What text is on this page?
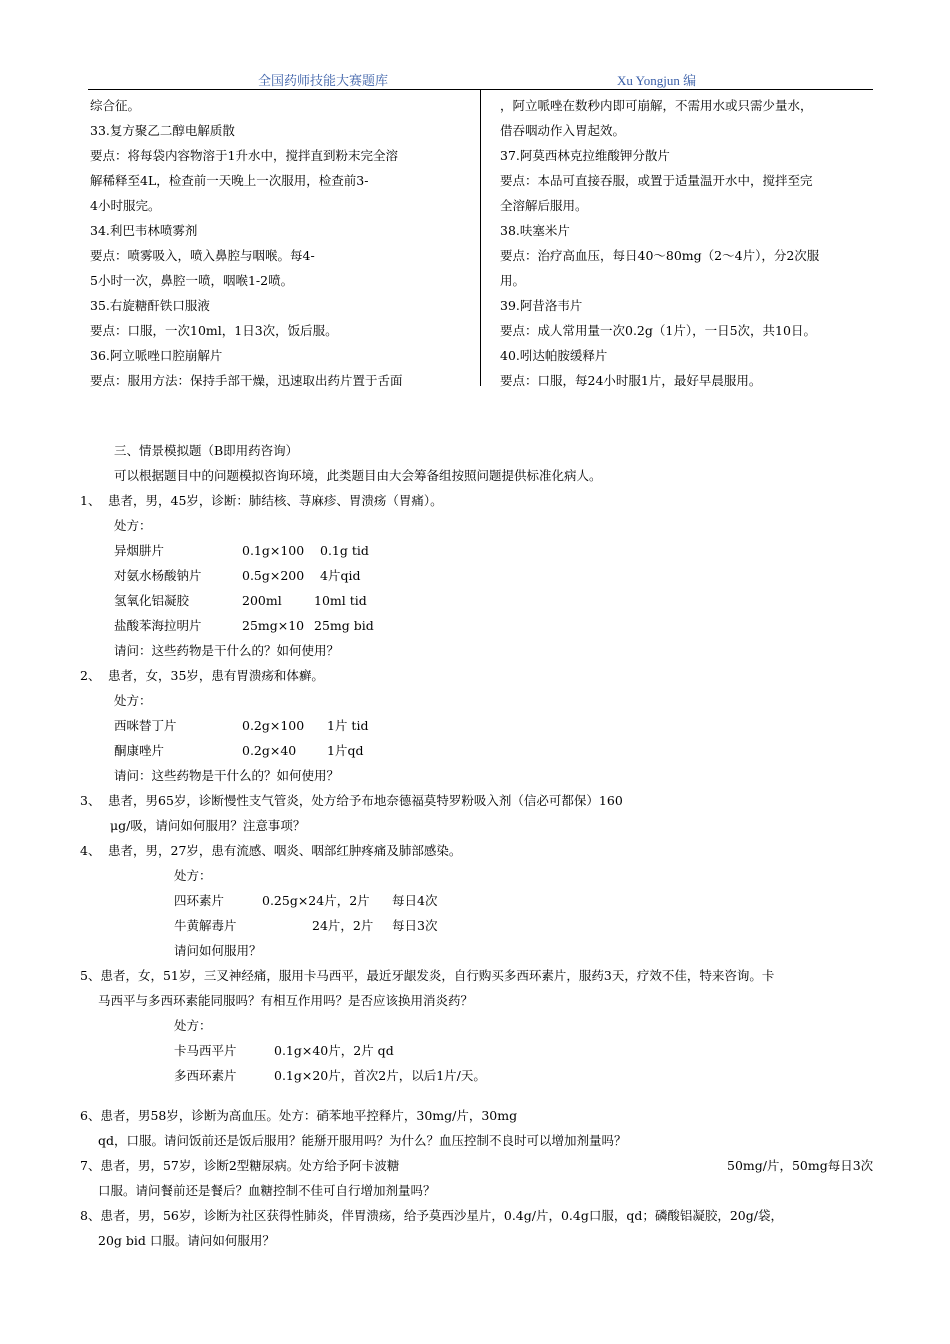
全国药师技能大赛题库	Xu Yongjun 编
综合征。
33.复方聚乙二醇电解质散
要点：将每袋内容物溶于1升水中，搅拌直到粉末完全溶
解稀释至4L，检查前一天晚上一次服用，检查前3-
4小时服完。
34.利巴韦林喷雾剂
要点：喷雾吸入，喷入鼻腔与咽喉。每4-
5小时一次，鼻腔一喷，咽喉1-2喷。
35.右旋糖酐铁口服液
要点：口服，一次10ml，1日3次，饭后服。
36.阿立哌唑口腔崩解片
要点：服用方法：保持手部干燥，迅速取出药片置于舌面
，阿立哌唑在数秒内即可崩解，不需用水或只需少量水，
借吞咽动作入胃起效。
37.阿莫西林克拉维酸钾分散片
要点：本品可直接吞服，或置于适量温开水中，搅拌至完
全溶解后服用。
38.呋塞米片
要点：治疗高血压，每日40～80mg（2～4片），分2次服
用。
39.阿昔洛韦片
要点：成人常用量一次0.2g（1片），一日5次，共10日。
40.吲达帕胺缓释片
要点：口服，每24小时服1片，最好早晨服用。
三、情景模拟题（B即用药咨询）
可以根据题目中的问题模拟咨询环境，此类题目由大会筹备组按照问题提供标准化病人。
1、 患者，男，45岁，诊断：肺结核、荨麻疹、胃溃疡（胃痛）。
处方：
异烟肼片	0.1g×100 0.1g tid
对氨水杨酸钠片	0.5g×200 4片qid
氢氧化铝凝胶	200ml	10ml tid
盐酸苯海拉明片	25mg×10 25mg bid
请问：这些药物是干什么的？如何使用？
2、 患者，女，35岁，患有胃溃疡和体癣。
处方：
西咪替丁片	0.2g×100 1片 tid
酮康唑片	0.2g×40 1片qd
请问：这些药物是干什么的？如何使用？
3、 患者，男65岁，诊断慢性支气管炎，处方给予布地奈德福莫特罗粉吸入剂（信必可都保）160
μg/吸，请问如何服用？注意事项？
4、 患者，男，27岁，患有流感、咽炎、咽部红肿疼痛及肺部感染。
处方：
四环素片	0.25g×24片，2片 每日4次
牛黄解毒片	24片，2片 每日3次
请问如何服用？
5、患者，女，51岁，三叉神经痛，服用卡马西平，最近牙龈发炎，自行购买多西环素片，服药3天，疗效不佳，特来咨询。卡
马西平与多西环素能同服吗？有相互作用吗？是否应该换用消炎药？
处方：
卡马西平片	0.1g×40片，2片 qd
多西环素片	0.1g×20片，首次2片，以后1片/天。
6、患者，男58岁，诊断为高血压。处方：硝苯地平控释片，30mg/片，30mg
qd，口服。请问饭前还是饭后服用？能掰开服用吗？为什么？血压控制不良时可以增加剂量吗？
7、患者，男，57岁，诊断2型糖尿病。处方给予阿卡波糖	50mg/片，50mg每日3次
口服。请问餐前还是餐后？血糖控制不佳可自行增加剂量吗？
8、患者，男，56岁，诊断为社区获得性肺炎，伴胃溃疡，给予莫西沙星片，0.4g/片，0.4g口服，qd；磷酸铝凝胶，20g/袋，
20g bid 口服。请问如何服用？
